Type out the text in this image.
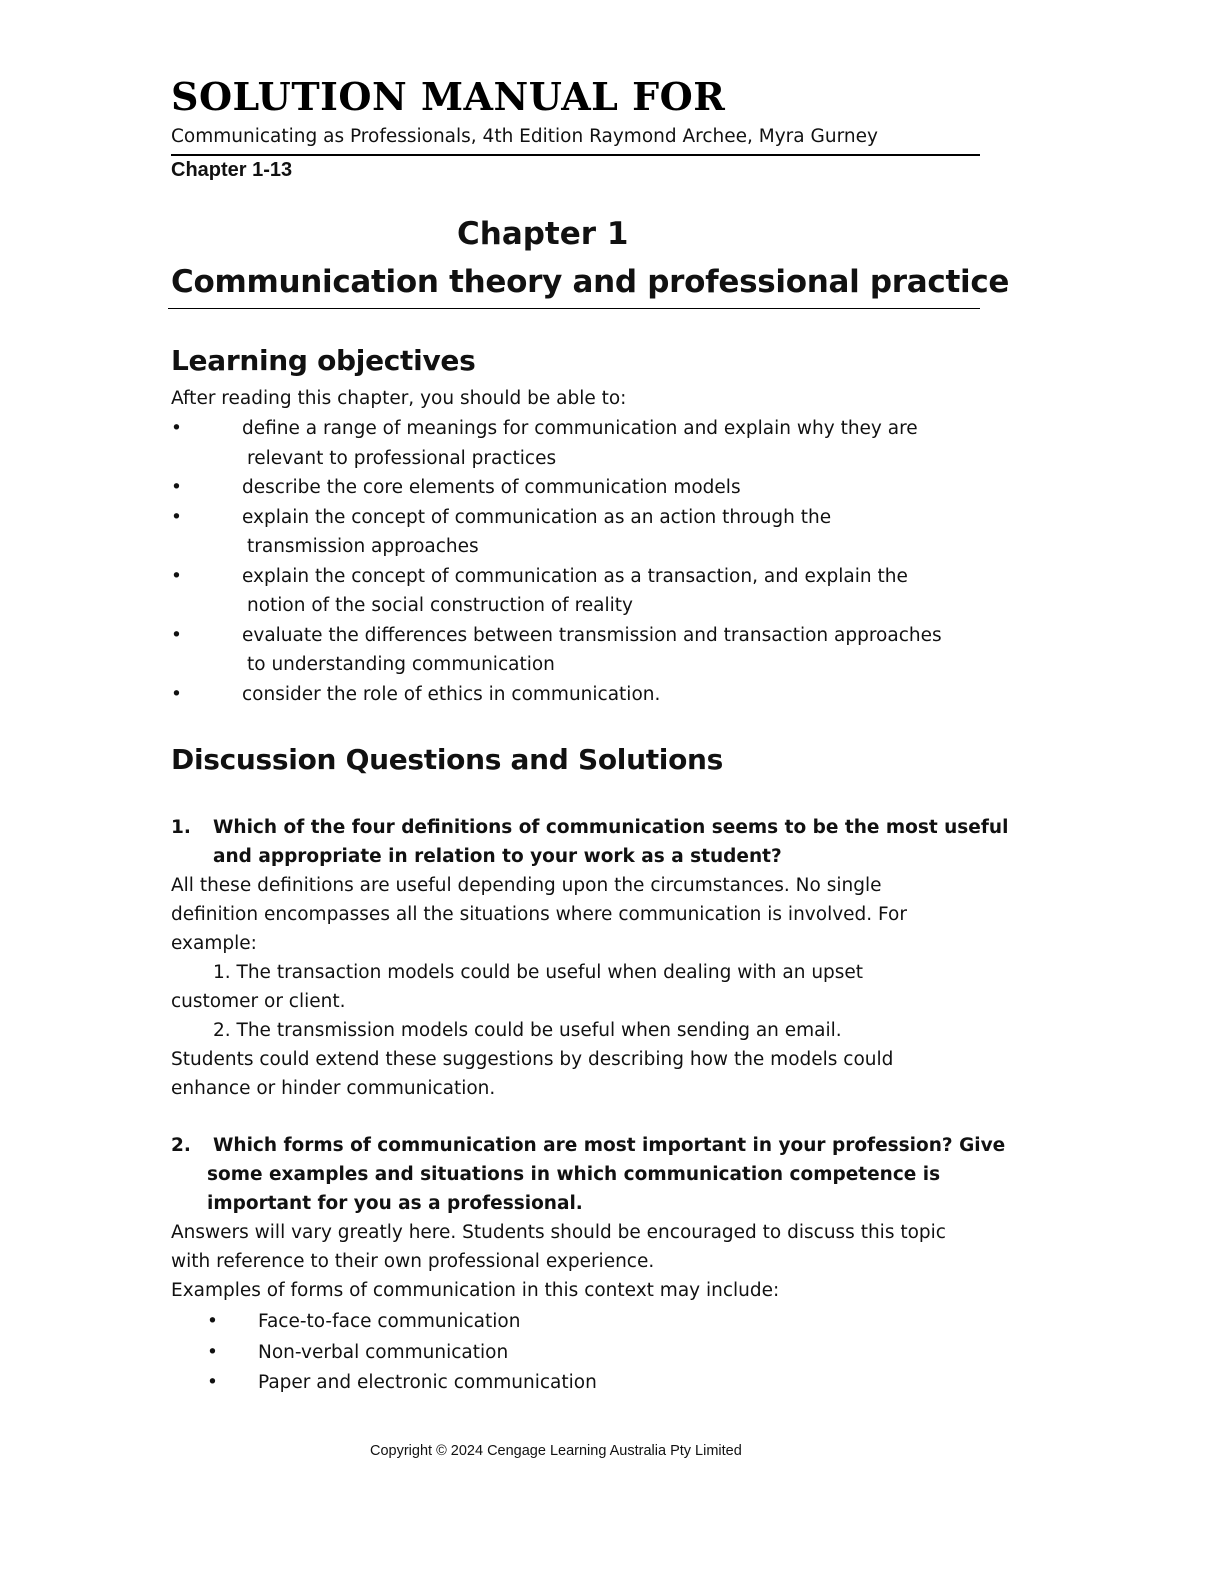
SOLUTION MANUAL FOR
Communicating as Professionals, 4th Edition Raymond Archee, Myra Gurney
Chapter 1-13
Chapter 1
Communication theory and professional practice
Learning objectives
After reading this chapter, you should be able to:
•	define a range of meanings for communication and explain why they are
relevant to professional practices
•	describe the core elements of communication models
•	explain the concept of communication as an action through the
transmission approaches
•	explain the concept of communication as a transaction, and explain the
notion of the social construction of reality
•	evaluate the differences between transmission and transaction approaches
to understanding communication
•	consider the role of ethics in communication.
Discussion Questions and Solutions
1. Which of the four definitions of communication seems to be the most useful
and appropriate in relation to your work as a student?
All these definitions are useful depending upon the circumstances. No single
definition encompasses all the situations where communication is involved. For
example:
1. The transaction models could be useful when dealing with an upset
customer or client.
2. The transmission models could be useful when sending an email.
Students could extend these suggestions by describing how the models could
enhance or hinder communication.
2. Which forms of communication are most important in your profession? Give
some examples and situations in which communication competence is
important for you as a professional.
Answers will vary greatly here. Students should be encouraged to discuss this topic
with reference to their own professional experience.
Examples of forms of communication in this context may include:
• Face-to-face communication
• Non-verbal communication
• Paper and electronic communication
Copyright © 2024 Cengage Learning Australia Pty Limited
